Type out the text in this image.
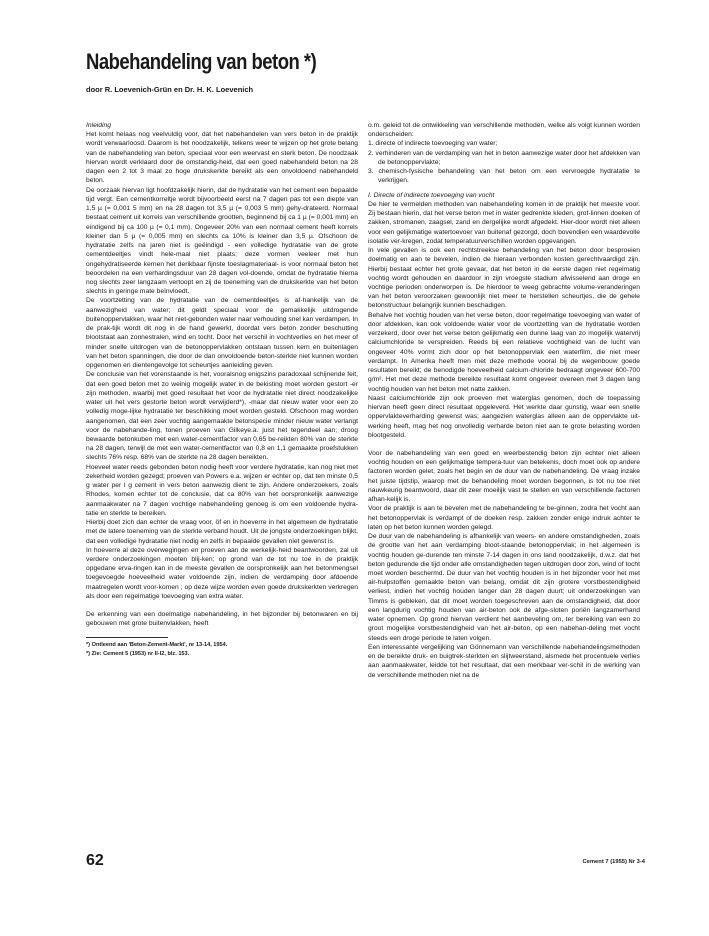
Nabehandeling van beton *)

door R. Loevenich-Grün en Dr. H. K. Loevenich

Inleiding

Het komt helaas nog veelvuldig voor, dat het nabehandelen van vers beton in de praktijk wordt verwaarloosd. Daarom is het noodzakelijk, telkens weer te wijzen op het grote belang van de nabehandeling van beton, speciaal voor een weervast en sterk beton. De noodzaak hiervan wordt verklaard door de omstandig-heid, dat een goed nabehandeld beton na 28 dagen een 2 tot 3 maal zo hoge drukskerkte bereikt als een onvoldoend nabehandeld beton.

De oorzaak hiervan ligt hoofdzakelijk hierin, dat de hydratatie van het cement een bepaalde tijd vergt. Een cementkorreltje wordt bijvoorbeeld eerst na 7 dagen pas tot een diepte van 1,5 µ (= 0,001 5 mm) en na 28 dagen tot 3,5 µ (= 0,003 5 mm) gehy-drateerd. Normaal bestaat cement uit korrels van verschillende grootten, beginnend bij ca 1 µ (= 0,001 mm) en eindigend bij ca 100 µ (= 0,1 mm). Ongeveer 20% van een normaal cement heeft korrels kleiner dan 5 µ (= 0,005 mm) en slechts ca 10% is kleiner dan 3,5 µ. Ofschoon de hydratatie zelfs na jaren niet is geëindigd - een volledige hydratatie van de grote cementdeeltjes vindt hele-maal niet plaats; deze vormen veeleer met hun ongehydratiseerde kernen het derikbaar fijnste toeslagmateriaal- is voor normaal beton het beoordelen na een verhardingsduur van 28 dagen vol-doende, omdat de hydratatie hierna nog slechts zeer langzaam vertoopt en zij de toeneming van de drukskerkte van het beton slechts in geringe mate beïnvloedt.

De voortzetting van de hydratatie van de cementdeeltjes is af-hankelijk van de aanwezigheid van water; dit geldt speciaal voor de gemakkelijk uitdrogende buitenoppervlakken, waar het niet-gebonden water naar verhouding snel kan verdampen. In de prak-tijk wordt dit nog in de hand gewerkt, doordat vers beton zonder beschutting blootstaat aan zonnestralen, wind en tocht. Door het verschil in vochtverlies en het meer of minder snelle uitdrogen van de betonoppervlakken ontstaan tussen kern en buitenlagen van het beton spanningen, die door de dan onvoldoende beton-sterkte niet kunnen worden opgenomen en dientengevolge tot scheurtjes aanleiding geven.

De conclusie van het vorenstaande is het, vooralsnog enigszins paradoxaal schijnende feit, dat een goed beton met zo weinig mogelijk water in de bekisting moet worden gestort -er zijn methoden, waarbij met goed resultaat het voor de hydratatie niet direct noodzakelijke water uit het vers gestorte beton wordt verwijderd*), -maar dat nieuw water voor een zo volledig moge-lijke hydratatie ter beschikking moet worden gesteld. Ofschoon mag worden aangenomen, dat een zeer vochtig aangemaakte betonspecie minder nieuw water verlangt voor de nabehande-ling, tonen proeven van Gilkeye.a. juist het tegendeel aan; droog bewaarde betonkuben met een water-cementfactor van 0,65 be-reikten 80% van de sterkte na 28 dagen, terwijl de met een water-cementfactor van 0,8 en 1,1 gemaakte proefstukken slechts 76% resp. 68% van de sterkte na 28 dagen bereikten.

Hoeveel water reeds gebonden beton nodig heeft voor verdere hydratatie, kan nog niet met zekerheid worden gezegd; proeven van Powers e.a. wijzen er echter op, dat ten minste 0,5 g water per l g cement in vers beton aanwezig dient te zijn. Andere onderzoekers, zoals Rhodes, komen echter tot de conclusie, dat ca 80% van het oorspronkelijk aanwezige aanmaakwater na 7 dagen vochtige nabehandeling genoeg is om een voldoende hydra-tatie en sterkte te bereiken.

Hierbij doet zich dan echter de vraag voor, öf en in hoeverre in het algemeen de hydratatie met de latere toeneming van de sterkte verband houdt. Uit de jongste onderzoekingen blijkt, dat een volledige hydratatie niet nodig en zelfs in bepaalde gevallen niet gewenst is.

In hoeverre al deze overwegingen en proeven aan de werkelijk-heid beantwoorden, zal uit verdere onderzoekingen moeten blij-ken; op grond van de tot nu toe in de praktijk opgedane erva-ringen kan in de meeste gevallen de oorspronkelijk aan het betonmengsel toegevoegde hoeveelheid water voldoende zijn, indien de verdamping door afdoende maatregelen wordt voor-komen ; op deze wijze worden even goede drukskerkten verkregen als door een regelmatige toevoeging van extra water.

De erkenning van een doelmatige nabehandeling, in het bijzonder bij betonwaren en bij gebouwen met grote buitenvlakken, heeft

*) Ontleend aan 'Beton-Zement-Markt', nr 13-14, 1954.

*) Zie: Cement 5 (1953) nr II-I2, blz. 153.

o.m. geleid tot de ontwikkeling van verschillende methoden, welke als volgt kunnen worden onderscheiden:

1. directe of indirecte toevoeging van water;

2. verhinderen van de verdamping van het in beton aanwezige water door het afdekken van de betonoppervlakte;

3. chemisch-fysische behandeling van het beton om een vervroegde hydratatie te verkrijgen.

I. Directe of indirecte toevoeging van vocht

De hier te vermelden methoden van nabehandeling komen in de praktijk het meeste voor. Zij bestaan hierin, dat het verse beton met in water gedrenkte kleden, grof-linnen doeken of zakken, stromanen, zaagsel, zand en dergelijke wordt afgedekt. Hier-door wordt niet alleen voor een gelijkmatige watertoevoer van buitenaf gezorgd, doch bovendien een waardevolle isolatie ver-kregen, zodat temperatuurverschillen worden opgevangen.

In vele gevallen is ook een rechtstreekse behandeling van het beton door besproeien doelmatig en aan te bevelen, indien de hieraan verbonden kosten gerechtvaardigd zijn. Hierbij bestaat echter het grote gevaar, dat het beton in de eerste dagen niet regelmatig vochtig wordt gehouden en daardoor in zijn vroegste stadium afwisselend aan droge en vochtige perioden onderworpen is. De hierdoor te weeg gebrachte volume-veranderingen van het beton veroorzaken gewoonlijk niet meer te herstellen scheurtjes, die de gehele betonstructuur belangrijk kunnen beschadigen.

Behalve het vochtig houden van het verse beton, door regelmatige toevoeging van water of door afdekken, kan ook voldoende water voor de voortzetting van de hydratatie worden verzekerd, door over het verse beton gelijkmatig een dunne laag van zo mogelijk watervrij calciumchloride te verspreiden. Reeds bij een relatieve vochtigheid van de lucht van ongeveer 40% vormt zich door op het betonoppervlak een waterfilm, die niet meer verdampt. In Amerika heeft men met deze methode vooral bij de wegenbouw goede resultaten bereikt; de benodigde hoeveelheid calcium-chloride bedraagt ongeveer 600-700 g/m². Het met deze methode bereikte resultaat komt ongeveer overeen met 3 dagen lang vochtig houden van het beton met natte zakken.

Naast calciumchloride zijn ook proeven met waterglas genomen, doch de toepassing hiervan heeft geen direct resultaat opgeleverd. Het werkte daar gunstig, waar een snelle oppervlakteverharding gewenst was; aangezien waterglas alleen aan de oppervlakte uit-werking heeft, mag het nog onvolledig verharde beton niet aan te grote belasting worden blootgesteld.

Voor de nabehandeling van een goed en weerbestendig beton zijn echter niet alleen vochtig houden en een gelijkmatige tempera-tuur van betekenis, doch moet ook op andere factoren worden gelet, zoals het begin en de duur van de nabehandeling. De vraag inzake het juiste tijdstip, waarop met de behandeling moet worden begonnen, is tot nu toe niet nauwkeurig beantwoord, daar dit zeer moeilijk vast te stellen en van verschillende factoren afhan-kelijk is.

Voor de praktijk is aan te bevelen met de nabehandeling te be-ginnen, zodra het vocht aan het betonoppervlak is verdampt of de doeken resp. zakken zonder enige indruk achter te laten op het beton kunnen worden gelegd.

De duur van de nabehandeling is afhankelijk van weers- en andere omstandigheden, zoals de grootte van het aan verdamping bloot-staande betonoppervlak; in het algemeen is vochtig houden ge-durende ten minste 7-14 dagen in ons land noodzakelijk, d.w.z. dat het beton gedurende die tijd onder alle omstandigheden tegen uitdrogen door zon, wind of tocht moet worden beschermd. De duur van het vochtig houden is in het bijzonder voor het met air-hulpstoffen gemaakte beton van belang, omdat dit zijn grotere vorstbestendigheid verliest, indien het vochtig houden langer dan 28 dagen duurt; uit onderzoekingen van Timms is gebleken, dat dit moet worden toegeschreven aan de omstandigheid, dat door een langdurig vochtig houden van air-beton ook de afge-sloten poriën langzamerhand water opnemen. Op grond hiervan verdient het aanbeveling om, ter bereiking van een zo groot mogelijke vorstbestendigheid van het air-beton, op een nabehan-deling met vocht steeds een droge periode te laten volgen.

Een interessante vergelijking van Gönnemann van verschillende nabehandelingsmethoden en de bereikte druk- en buigtrek-sterkten en slijtweerstand, alsmede het procentuele verlies aan aanmaakwater, leidde tot het resultaat, dat een merkbaar ver-schil in de werking van de verschillende methoden niet na de

62	Cement 7 (1955) Nr 3-4
